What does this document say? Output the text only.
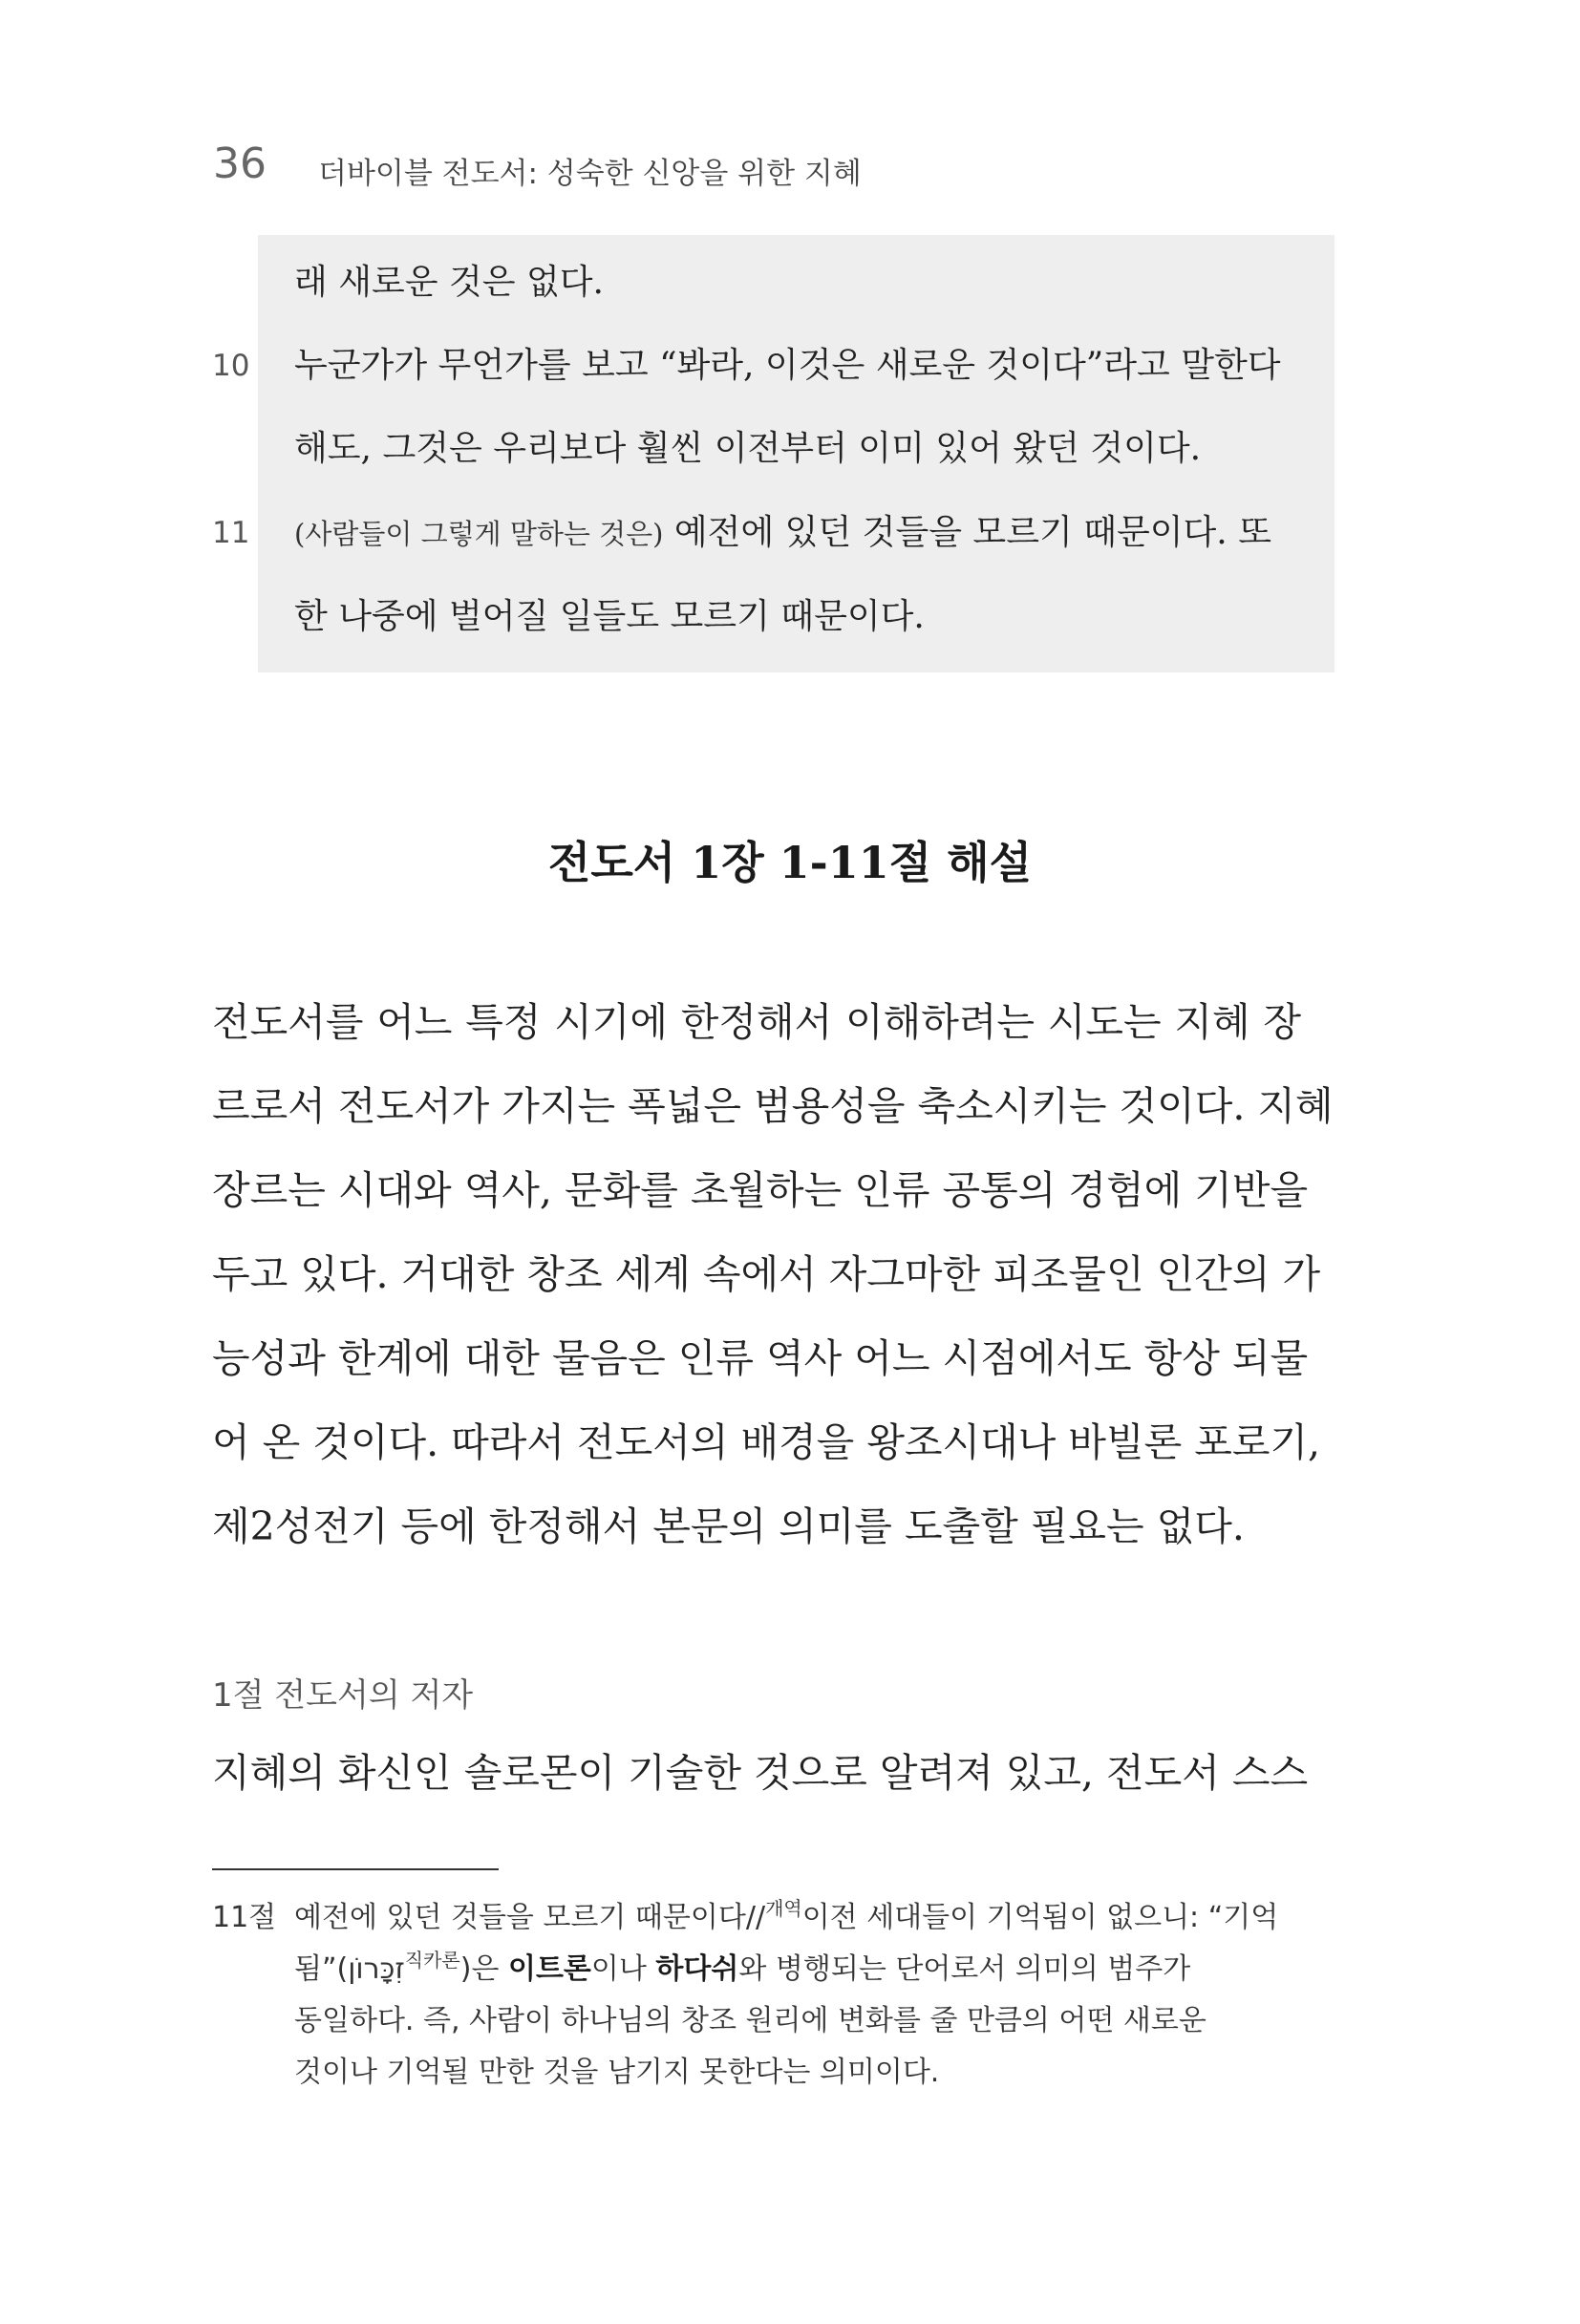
36 더바이블 전도서: 성숙한 신앙을 위한 지혜
래 새로운 것은 없다.
10 누군가가 무언가를 보고 “봐라, 이것은 새로운 것이다”라고 말한다
해도, 그것은 우리보다 훨씬 이전부터 이미 있어 왔던 것이다.
11 (사람들이 그렇게 말하는 것은) 예전에 있던 것들을 모르기 때문이다. 또
한 나중에 벌어질 일들도 모르기 때문이다.
전도서 1장 1-11절 해설
전도서를 어느 특정 시기에 한정해서 이해하려는 시도는 지혜 장
르로서 전도서가 가지는 폭넓은 범용성을 축소시키는 것이다. 지혜
장르는 시대와 역사, 문화를 초월하는 인류 공통의 경험에 기반을
두고 있다. 거대한 창조 세계 속에서 자그마한 피조물인 인간의 가
능성과 한계에 대한 물음은 인류 역사 어느 시점에서도 항상 되물
어 온 것이다. 따라서 전도서의 배경을 왕조시대나 바빌론 포로기,
제2성전기 등에 한정해서 본문의 의미를 도출할 필요는 없다.
1절 전도서의 저자
지혜의 화신인 솔로몬이 기술한 것으로 알려져 있고, 전도서 스스
11절 예전에 있던 것들을 모르기 때문이다//$^{개역}$이전 세대들이 기억됨이 없으니: “기억
됨”(זִכָּרוֹן$^{직카론}$)은 이트론이나 하다쉬와 병행되는 단어로서 의미의 범주가
동일하다. 즉, 사람이 하나님의 창조 원리에 변화를 줄 만큼의 어떤 새로운
것이나 기억될 만한 것을 남기지 못한다는 의미이다.
